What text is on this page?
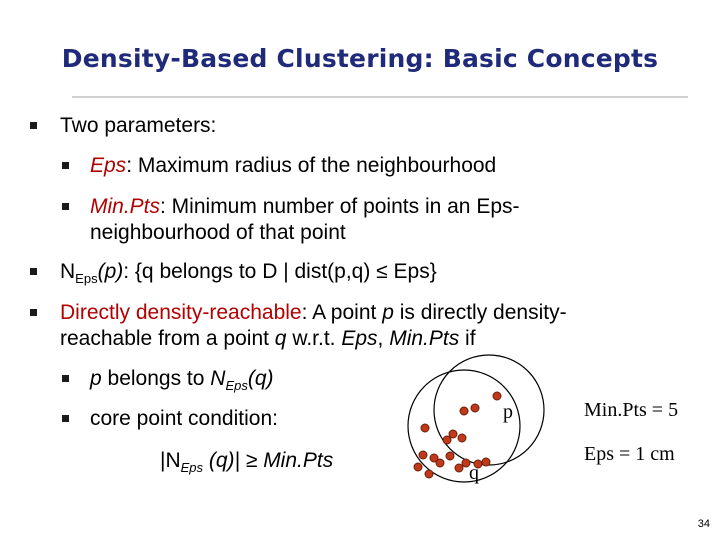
Density-Based Clustering: Basic Concepts
Two parameters:
Eps: Maximum radius of the neighbourhood
Min.Pts: Minimum number of points in an Eps-
neighbourhood of that point
$N_{Eps}(p)$: {q belongs to D | dist(p,q) ≤ Eps}
Directly density-reachable: A point p is directly density-
reachable from a point q w.r.t. Eps, Min.Pts if
p belongs to $N_{Eps}(q)$
core point condition:
$|N_{Eps}$ (q)| ≥ Min.Pts
p
q
Min.Pts = 5
Eps = 1 cm
34
